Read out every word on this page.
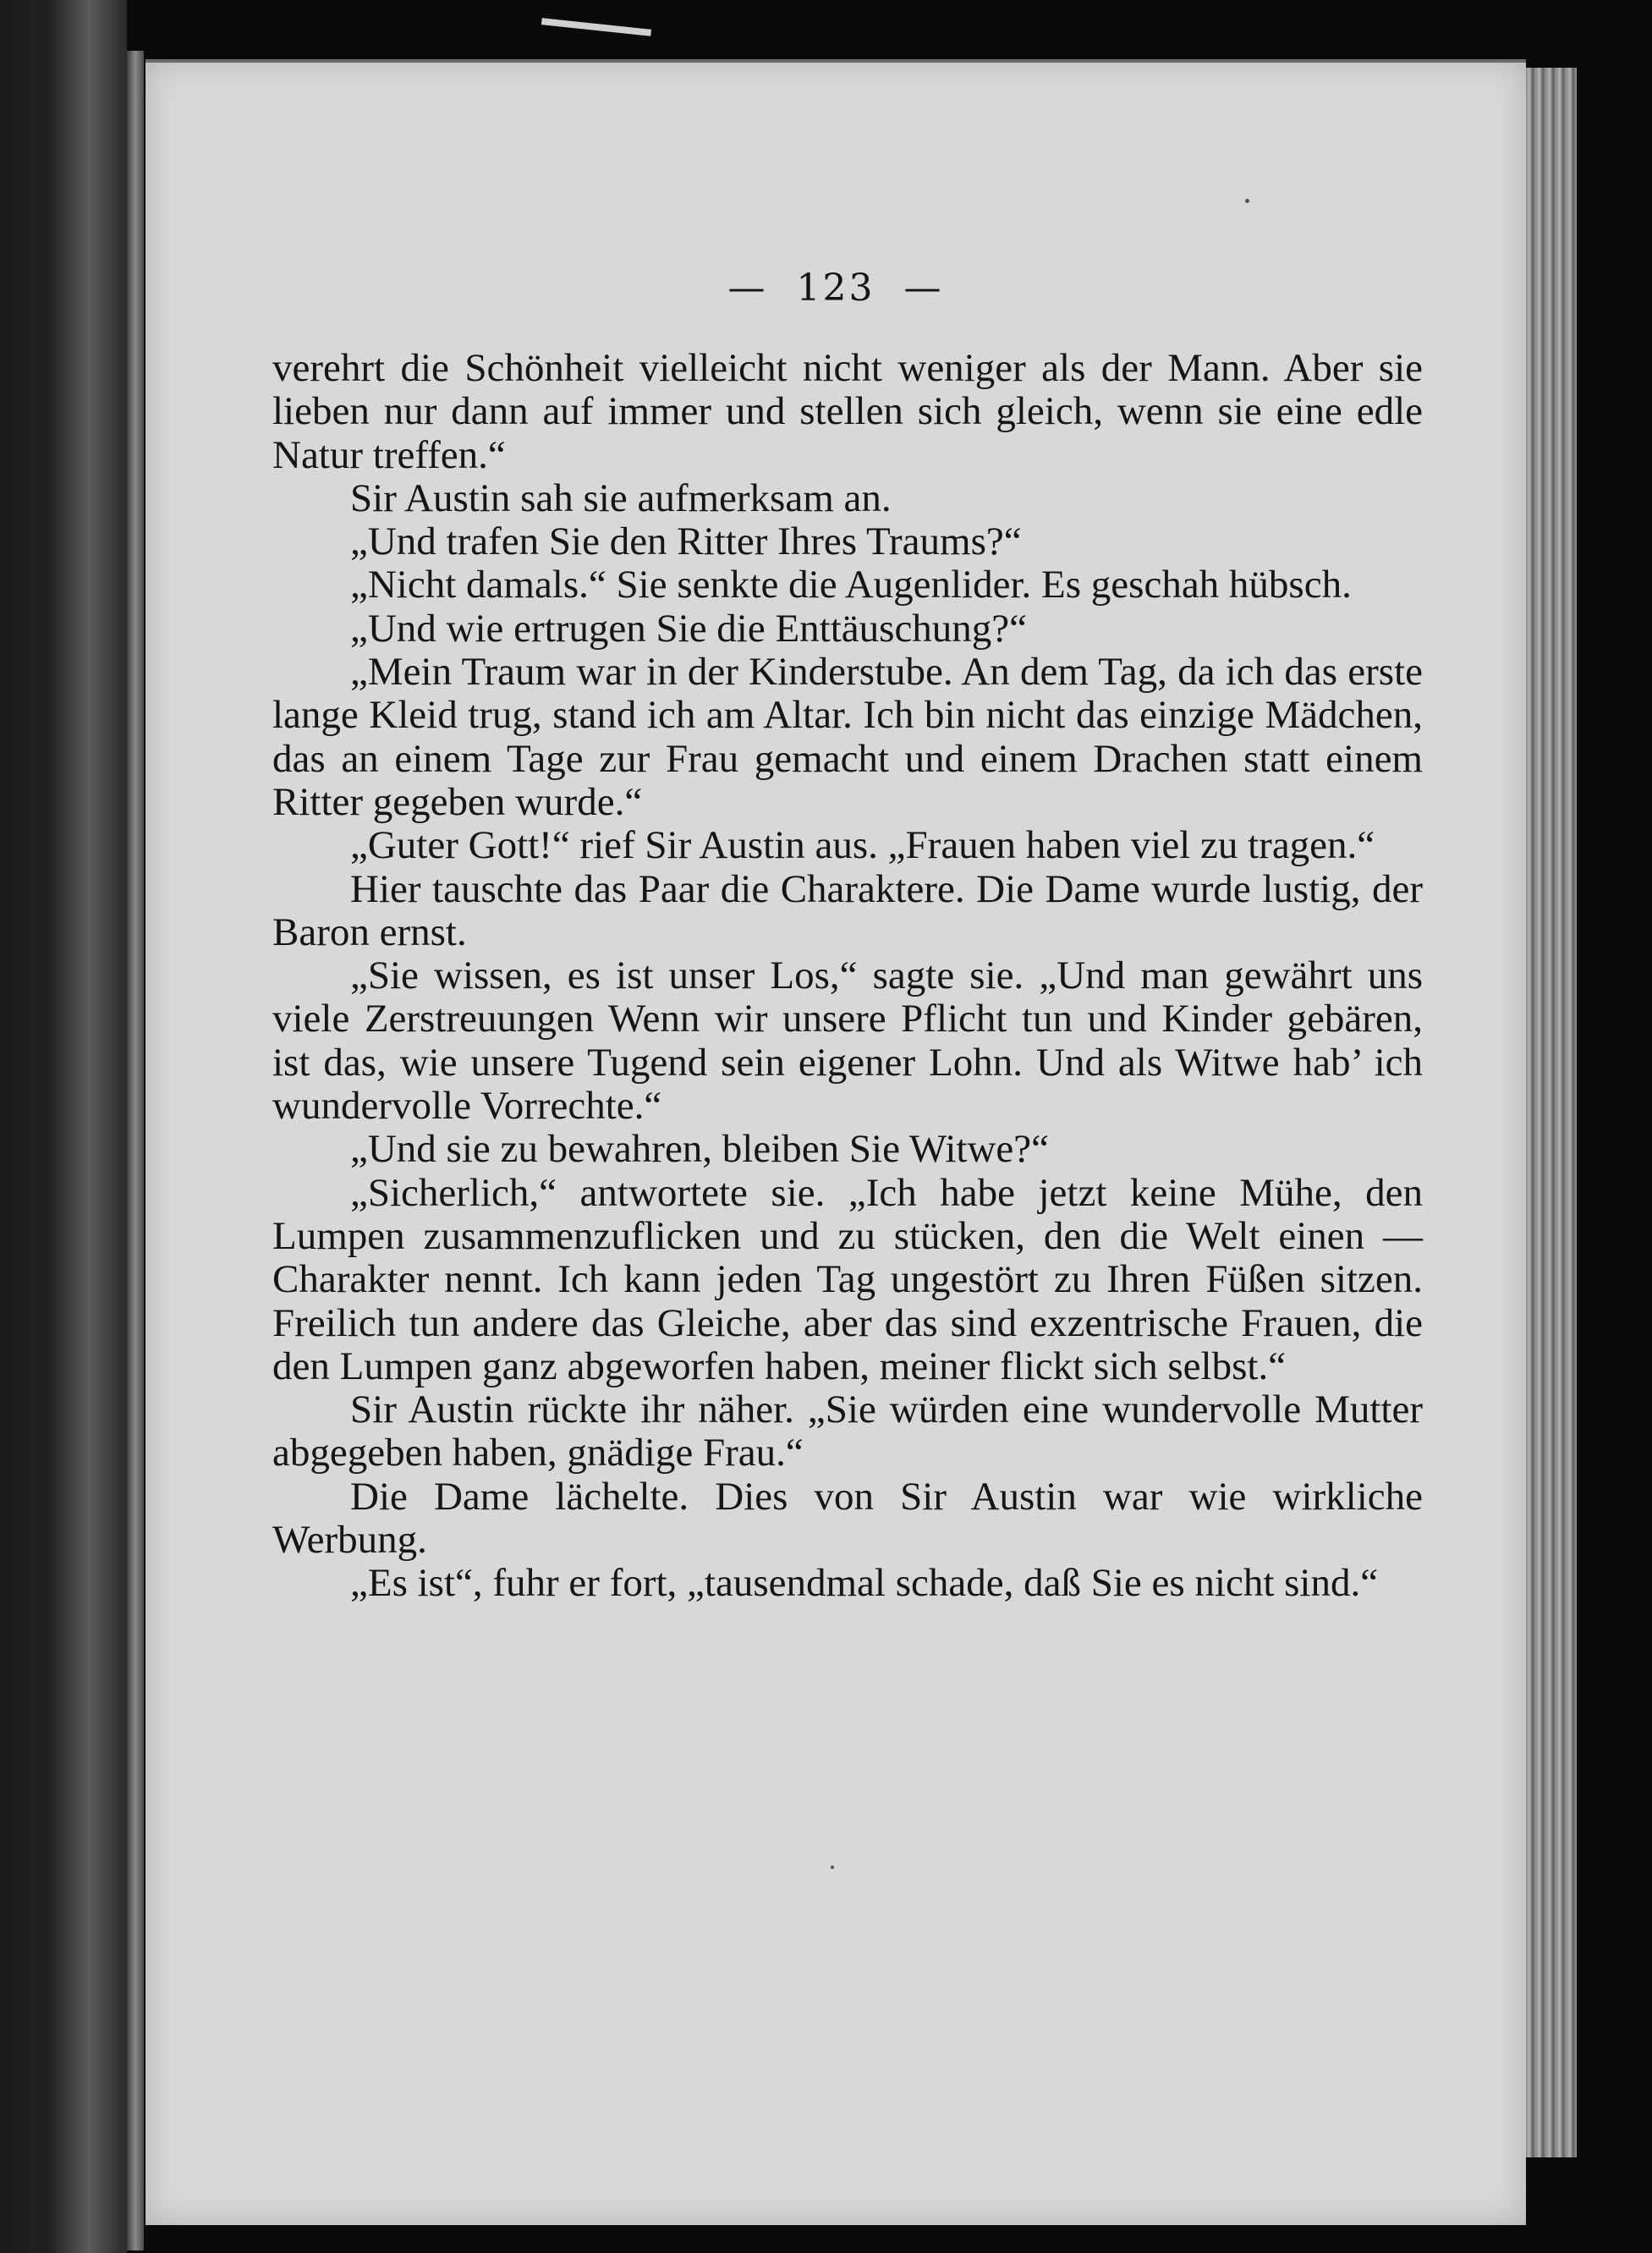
— 123 —

verehrt die Schönheit vielleicht nicht weniger als der Mann. Aber sie lieben nur dann auf immer und stellen sich gleich, wenn sie eine edle Natur treffen.“

Sir Austin sah sie aufmerksam an.

„Und trafen Sie den Ritter Ihres Traums?“

„Nicht damals.“ Sie senkte die Augenlider. Es geschah hübsch.

„Und wie ertrugen Sie die Enttäuschung?“

„Mein Traum war in der Kinderstube. An dem Tag, da ich das erste lange Kleid trug, stand ich am Altar. Ich bin nicht das einzige Mädchen, das an einem Tage zur Frau gemacht und einem Drachen statt einem Ritter gegeben wurde.“

„Guter Gott!“ rief Sir Austin aus. „Frauen haben viel zu tragen.“

Hier tauschte das Paar die Charaktere. Die Dame wurde lustig, der Baron ernst.

„Sie wissen, es ist unser Los,“ sagte sie. „Und man gewährt uns viele Zerstreuungen Wenn wir unsere Pflicht tun und Kinder gebären, ist das, wie unsere Tugend sein eigener Lohn. Und als Witwe hab’ ich wundervolle Vorrechte.“

„Und sie zu bewahren, bleiben Sie Witwe?“

„Sicherlich,“ antwortete sie. „Ich habe jetzt keine Mühe, den Lumpen zusammenzuflicken und zu stücken, den die Welt einen — Charakter nennt. Ich kann jeden Tag ungestört zu Ihren Füßen sitzen. Freilich tun andere das Gleiche, aber das sind exzentrische Frauen, die den Lumpen ganz abgeworfen haben, meiner flickt sich selbst.“

Sir Austin rückte ihr näher. „Sie würden eine wundervolle Mutter abgegeben haben, gnädige Frau.“

Die Dame lächelte. Dies von Sir Austin war wie wirkliche Werbung.

„Es ist“, fuhr er fort, „tausendmal schade, daß Sie es nicht sind.“
